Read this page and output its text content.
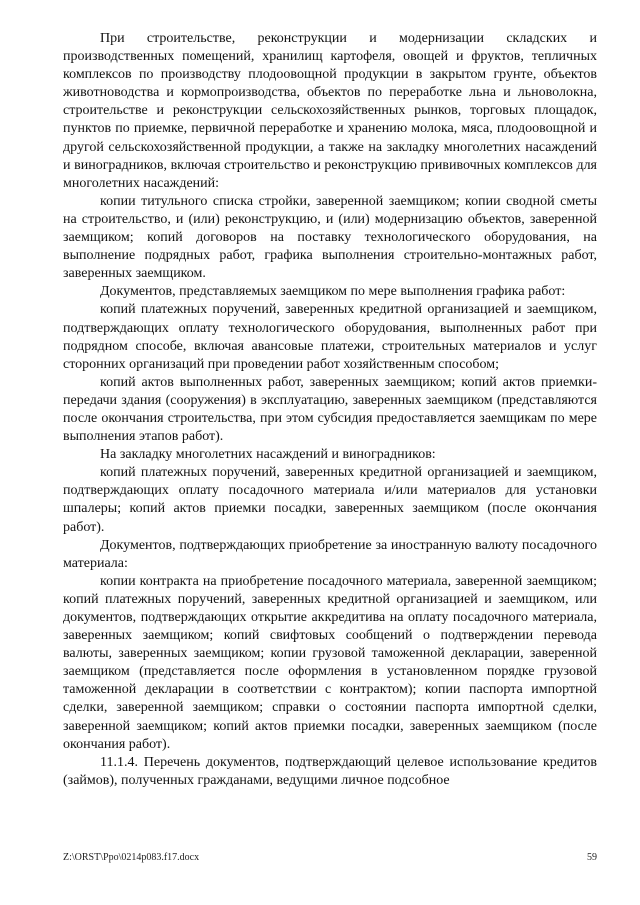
При строительстве, реконструкции и модернизации складских и производственных помещений, хранилищ картофеля, овощей и фруктов, тепличных комплексов по производству плодоовощной продукции в закрытом грунте, объектов животноводства и кормопроизводства, объектов по переработке льна и льноволокна, строительстве и реконструкции сельскохозяйственных рынков, торговых площадок, пунктов по приемке, первичной переработке и хранению молока, мяса, плодоовощной и другой сельскохозяйственной продукции, а также на закладку многолетних насаждений и виноградников, включая строительство и реконструкцию прививочных комплексов для многолетних насаждений:

копии титульного списка стройки, заверенной заемщиком; копии сводной сметы на строительство, и (или) реконструкцию, и (или) модернизацию объектов, заверенной заемщиком; копий договоров на поставку технологического оборудования, на выполнение подрядных работ, графика выполнения строительно-монтажных работ, заверенных заемщиком.

Документов, представляемых заемщиком по мере выполнения графика работ:

копий платежных поручений, заверенных кредитной организацией и заемщиком, подтверждающих оплату технологического оборудования, выполненных работ при подрядном способе, включая авансовые платежи, строительных материалов и услуг сторонних организаций при проведении работ хозяйственным способом;

копий актов выполненных работ, заверенных заемщиком; копий актов приемки-передачи здания (сооружения) в эксплуатацию, заверенных заемщиком (представляются после окончания строительства, при этом субсидия предоставляется заемщикам по мере выполнения этапов работ).

На закладку многолетних насаждений и виноградников:

копий платежных поручений, заверенных кредитной организацией и заемщиком, подтверждающих оплату посадочного материала и/или материалов для установки шпалеры; копий актов приемки посадки, заверенных заемщиком (после окончания работ).

Документов, подтверждающих приобретение за иностранную валюту посадочного материала:

копии контракта на приобретение посадочного материала, заверенной заемщиком; копий платежных поручений, заверенных кредитной организацией и заемщиком, или документов, подтверждающих открытие аккредитива на оплату посадочного материала, заверенных заемщиком; копий свифтовых сообщений о подтверждении перевода валюты, заверенных заемщиком; копии грузовой таможенной декларации, заверенной заемщиком (представляется после оформления в установленном порядке грузовой таможенной декларации в соответствии с контрактом); копии паспорта импортной сделки, заверенной заемщиком; справки о состоянии паспорта импортной сделки, заверенной заемщиком; копий актов приемки посадки, заверенных заемщиком (после окончания работ).

11.1.4. Перечень документов, подтверждающий целевое использование кредитов (займов), полученных гражданами, ведущими личное подсобное

Z:\ORST\Ppo\0214p083.f17.docx	59
